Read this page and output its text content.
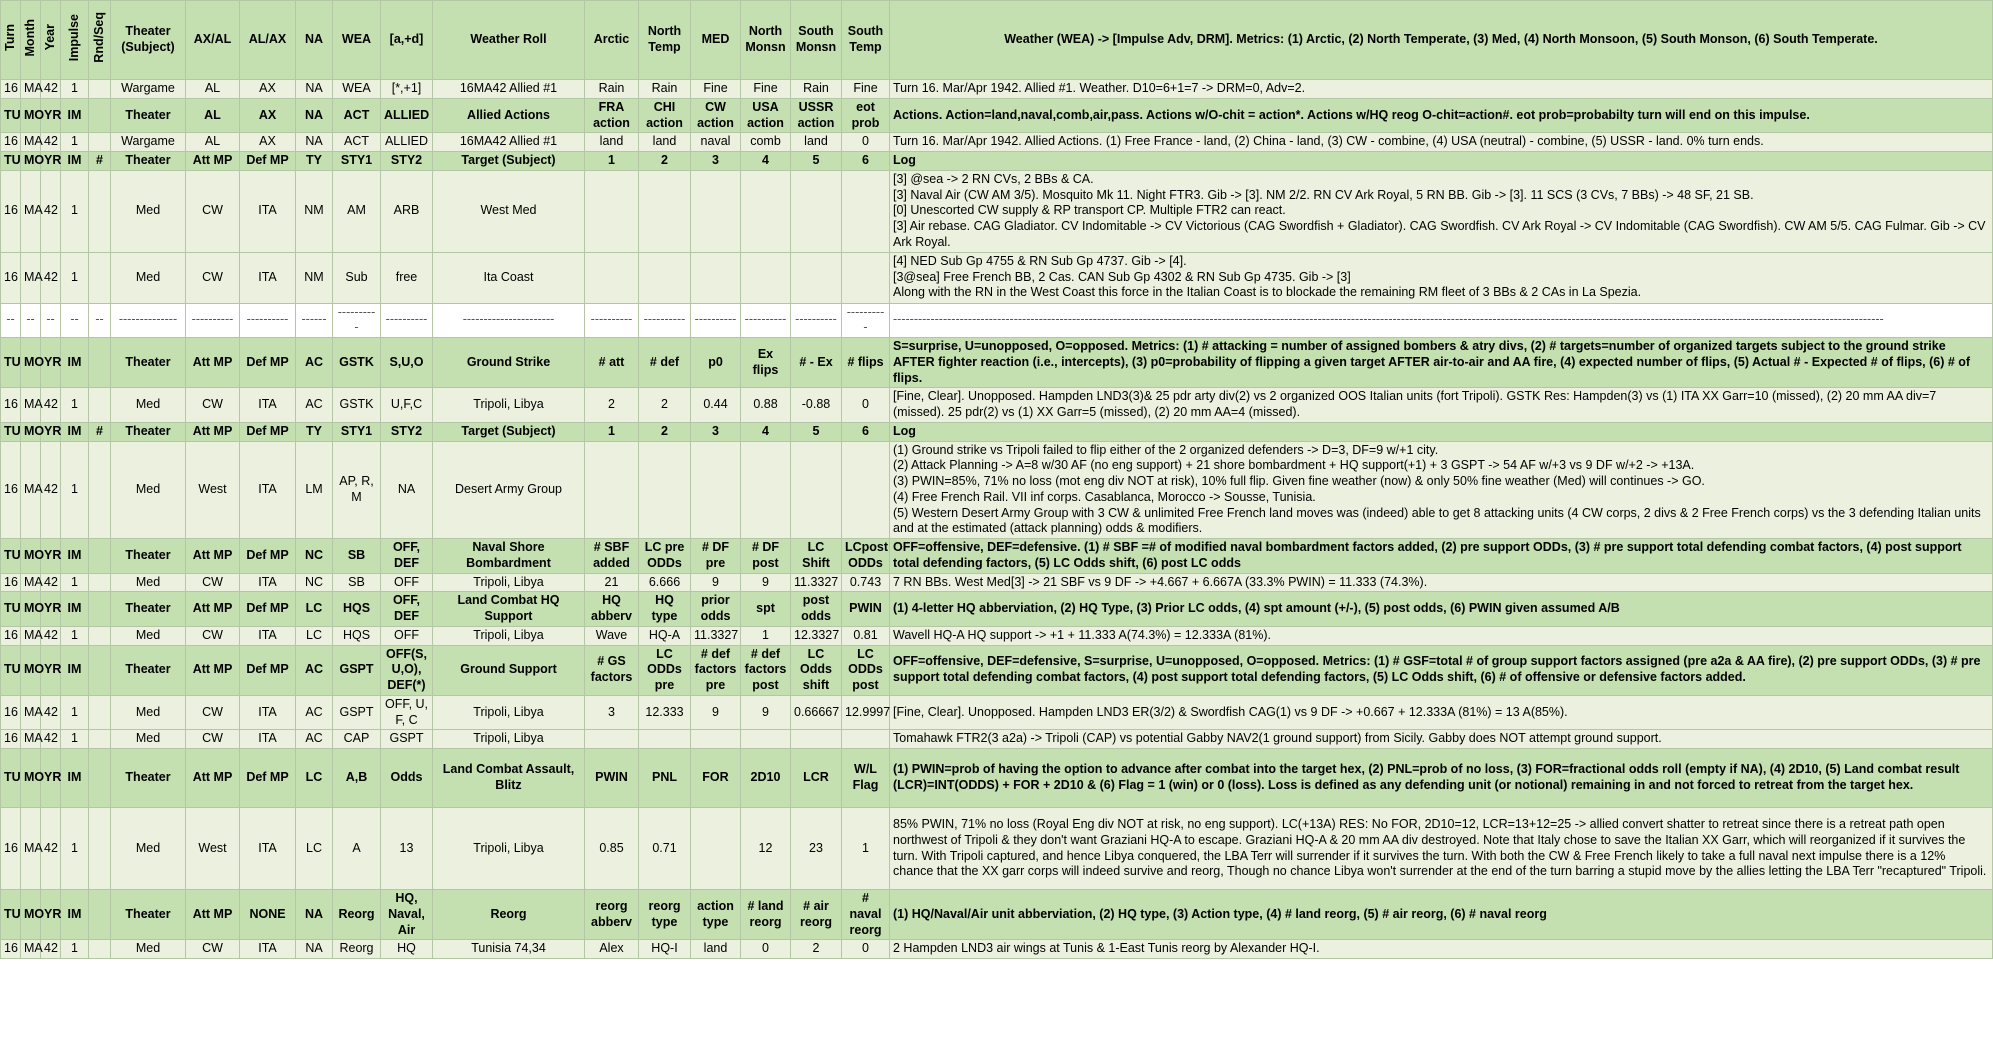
Turn	Month	Year	Impulse	Rnd/Seq	Theater (Subject)	AX/AL	AL/AX	NA	WEA	[a,+d]	Weather Roll	Arctic	North Temp	MED	North Monsn	South Monsn	South Temp	Weather (WEA) -> [Impulse Adv, DRM]. Metrics: (1) Arctic, (2) North Temperate, (3) Med, (4) North Monsoon, (5) South Monson, (6) South Temperate.
16	MA	42	1		Wargame	AL	AX	NA	WEA	[*,+1]	16MA42 Allied #1	Rain	Rain	Fine	Fine	Rain	Fine	Turn 16. Mar/Apr 1942. Allied #1. Weather. D10=6+1=7 -> DRM=0, Adv=2.

TU	MO	YR	IM		Theater	AL	AX	NA	ACT	ALLIED	Allied Actions	FRA action	CHI action	CW action	USA action	USSR action	eot prob	Actions. Action=land,naval,comb,air,pass. Actions w/O-chit = action*. Actions w/HQ reog O-chit=action#. eot prob=probabilty turn will end on this impulse.

16	MA	42	1		Wargame	AL	AX	NA	ACT	ALLIED	16MA42 Allied #1	land	land	naval	comb	land	0	Turn 16. Mar/Apr 1942. Allied Actions. (1) Free France - land, (2) China - land, (3) CW - combine, (4) USA (neutral) - combine, (5) USSR - land. 0% turn ends.

TU	MO	YR	IM	#	Theater	Att MP	Def MP	TY	STY1	STY2	Target (Subject)	1	2	3	4	5	6	Log

16	MA	42	1		Med	CW	ITA	NM	AM	ARB	West Med							[3] @sea -> 2 RN CVs, 2 BBs & CA.
[3] Naval Air (CW AM 3/5). Mosquito Mk 11. Night FTR3. Gib -> [3]. NM 2/2. RN CV Ark Royal, 5 RN BB. Gib -> [3]. 11 SCS (3 CVs, 7 BBs) -> 48 SF, 21 SB.
[0] Unescorted CW supply & RP transport CP. Multiple FTR2 can react.
[3] Air rebase. CAG Gladiator. CV Indomitable -> CV Victorious (CAG Swordfish + Gladiator). CAG Swordfish. CV Ark Royal -> CV Indomitable (CAG Swordfish). CW AM 5/5. CAG Fulmar. Gib -> CV Ark Royal.

16	MA	42	1		Med	CW	ITA	NM	Sub	free	Ita Coast							[4] NED Sub Gp 4755 & RN Sub Gp 4737. Gib -> [4].
[3@sea] Free French BB, 2 Cas. CAN Sub Gp 4302 & RN Sub Gp 4735. Gib -> [3]
Along with the RN in the West Coast this force in the Italian Coast is to blockade the remaining RM fleet of 3 BBs & 2 CAs in La Spezia.

--	--	--	--	--	--------------	----------	----------	------	----------	----------	----------------------	----------	----------	----------	----------	----------	----------	----------------------------------------------------------------------------------------------------------------------------------------------------------------------------------------------------------------------------------------------

TU	MO	YR	IM		Theater	Att MP	Def MP	AC	GSTK	S,U,O	Ground Strike	# att	# def	p0	Ex flips	# - Ex	# flips	S=surprise, U=unopposed, O=opposed. Metrics: (1) # attacking = number of assigned bombers & atry divs, (2) # targets=number of organized targets subject to the ground strike AFTER fighter reaction (i.e., intercepts), (3) p0=probability of flipping a given target AFTER air-to-air and AA fire, (4) expected number of flips, (5) Actual # - Expected # of flips, (6) # of flips.

16	MA	42	1		Med	CW	ITA	AC	GSTK	U,F,C	Tripoli, Libya	2	2	0.44	0.88	-0.88	0	[Fine, Clear]. Unopposed. Hampden LND3(3)& 25 pdr arty div(2) vs 2 organized OOS Italian units (fort Tripoli). GSTK Res: Hampden(3) vs (1) ITA XX Garr=10 (missed), (2) 20 mm AA div=7 (missed). 25 pdr(2) vs (1) XX Garr=5 (missed), (2) 20 mm AA=4 (missed).

TU	MO	YR	IM	#	Theater	Att MP	Def MP	TY	STY1	STY2	Target (Subject)	1	2	3	4	5	6	Log

16	MA	42	1		Med	West	ITA	LM	AP, R, M	NA	Desert Army Group							(1) Ground strike vs Tripoli failed to flip either of the 2 organized defenders -> D=3, DF=9 w/+1 city.
(2) Attack Planning -> A=8 w/30 AF (no eng support) + 21 shore bombardment + HQ support(+1) + 3 GSPT -> 54 AF w/+3 vs 9 DF w/+2 -> +13A.
(3) PWIN=85%, 71% no loss (mot eng div NOT at risk), 10% full flip. Given fine weather (now) & only 50% fine weather (Med) will continues -> GO.
(4) Free French Rail. VII inf corps. Casablanca, Morocco -> Sousse, Tunisia.
(5) Western Desert Army Group with 3 CW & unlimited Free French land moves was (indeed) able to get 8 attacking units (4 CW corps, 2 divs & 2 Free French corps) vs the 3 defending Italian units and at the estimated (attack planning) odds & modifiers.

TU	MO	YR	IM		Theater	Att MP	Def MP	NC	SB	OFF, DEF	Naval Shore Bombardment	# SBF added	LC pre ODDs	# DF pre	# DF post	LC Shift	LCpost ODDs	OFF=offensive, DEF=defensive. (1) # SBF =# of modified naval bombardment factors added, (2) pre support ODDs, (3) # pre support total defending combat factors, (4) post support total defending factors, (5) LC Odds shift, (6) post LC odds

16	MA	42	1		Med	CW	ITA	NC	SB	OFF	Tripoli, Libya	21	6.666	9	9	11.3327	0.743	7 RN BBs. West Med[3] -> 21 SBF vs 9 DF -> +4.667 + 6.667A (33.3% PWIN) = 11.333 (74.3%).

TU	MO	YR	IM		Theater	Att MP	Def MP	LC	HQS	OFF, DEF	Land Combat HQ Support	HQ abberv	HQ type	prior odds	spt	post odds	PWIN	(1) 4-letter HQ abberviation, (2) HQ Type, (3) Prior LC odds, (4) spt amount (+/-), (5) post odds, (6) PWIN given assumed A/B

16	MA	42	1		Med	CW	ITA	LC	HQS	OFF	Tripoli, Libya	Wave	HQ-A	11.3327	1	12.3327	0.81	Wavell HQ-A HQ support -> +1 + 11.333 A(74.3%) = 12.333A (81%).

TU	MO	YR	IM		Theater	Att MP	Def MP	AC	GSPT	OFF(S, U,O), DEF(*)	Ground Support	# GS factors	LC ODDs pre	# def factors pre	# def factors post	LC Odds shift	LC ODDs post	OFF=offensive, DEF=defensive, S=surprise, U=unopposed, O=opposed. Metrics: (1) # GSF=total # of group support factors assigned (pre a2a & AA fire), (2) pre support ODDs, (3) # pre support total defending combat factors, (4) post support total defending factors, (5) LC Odds shift, (6) # of offensive or defensive factors added.

16	MA	42	1		Med	CW	ITA	AC	GSPT	OFF, U, F, C	Tripoli, Libya	3	12.333	9	9	0.66667	12.9997	[Fine, Clear]. Unopposed. Hampden LND3 ER(3/2) & Swordfish CAG(1) vs 9 DF -> +0.667 + 12.333A (81%) = 13 A(85%).

16	MA	42	1		Med	CW	ITA	AC	CAP	GSPT	Tripoli, Libya							Tomahawk FTR2(3 a2a) -> Tripoli (CAP) vs potential Gabby NAV2(1 ground support) from Sicily. Gabby does NOT attempt ground support.

TU	MO	YR	IM		Theater	Att MP	Def MP	LC	A,B	Odds	Land Combat Assault, Blitz	PWIN	PNL	FOR	2D10	LCR	W/L Flag	(1) PWIN=prob of having the option to advance after combat into the target hex, (2) PNL=prob of no loss, (3) FOR=fractional odds roll (empty if NA), (4) 2D10, (5) Land combat result (LCR)=INT(ODDS) + FOR + 2D10 & (6) Flag = 1 (win) or 0 (loss). Loss is defined as any defending unit (or notional) remaining in and not forced to retreat from the target hex.

16	MA	42	1		Med	West	ITA	LC	A	13	Tripoli, Libya	0.85	0.71		12	23	1	85% PWIN, 71% no loss (Royal Eng div NOT at risk, no eng support). LC(+13A) RES: No FOR, 2D10=12, LCR=13+12=25 -> allied convert shatter to retreat since there is a retreat path open northwest of Tripoli & they don't want Graziani HQ-A to escape. Graziani HQ-A & 20 mm AA div destroyed. Note that Italy chose to save the Italian XX Garr, which will reorganized if it survives the turn. With Tripoli captured, and hence Libya conquered, the LBA Terr will surrender if it survives the turn. With both the CW & Free French likely to take a full naval next impulse there is a 12% chance that the XX garr corps will indeed survive and reorg, Though no chance Libya won't surrender at the end of the turn barring a stupid move by the allies letting the LBA Terr "recaptured" Tripoli.

TU	MO	YR	IM		Theater	Att MP	NONE	NA	Reorg	HQ, Naval, Air	Reorg	reorg abberv	reorg type	action type	# land reorg	# air reorg	# naval reorg	(1) HQ/Naval/Air unit abberviation, (2) HQ type, (3) Action type, (4) # land reorg, (5) # air reorg, (6) # naval reorg

16	MA	42	1		Med	CW	ITA	NA	Reorg	HQ	Tunisia 74,34	Alex	HQ-I	land	0	2	0	2 Hampden LND3 air wings at Tunis & 1-East Tunis reorg by Alexander HQ-I.
